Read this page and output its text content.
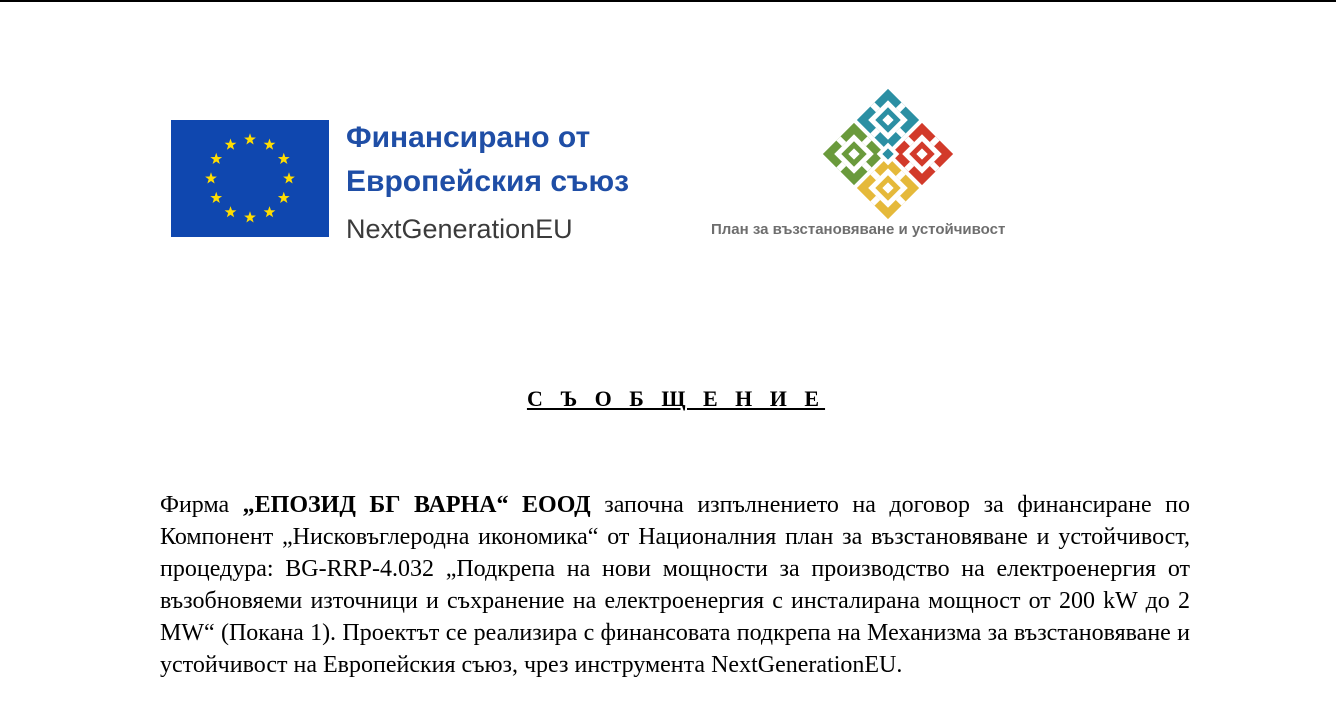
Финансирано от
Европейския съюз
NextGenerationEU	План за възстановяване и устойчивост
С Ъ О Б Щ Е Н И Е
Фирма „ЕПОЗИД БГ ВАРНА“ ЕООД започна изпълнението на договор за финансиране по Компонент „Нисковъглеродна икономика“ от Националния план за възстановяване и устойчивост, процедура: BG-RRP-4.032 „Подкрепа на нови мощности за производство на електроенергия от възобновяеми източници и съхранение на електроенергия с инсталирана мощност от 200 kW до 2 MW“ (Покана 1). Проектът се реализира с финансовата подкрепа на Механизма за възстановяване и устойчивост на Европейския съюз, чрез инструмента NextGenerationEU.
